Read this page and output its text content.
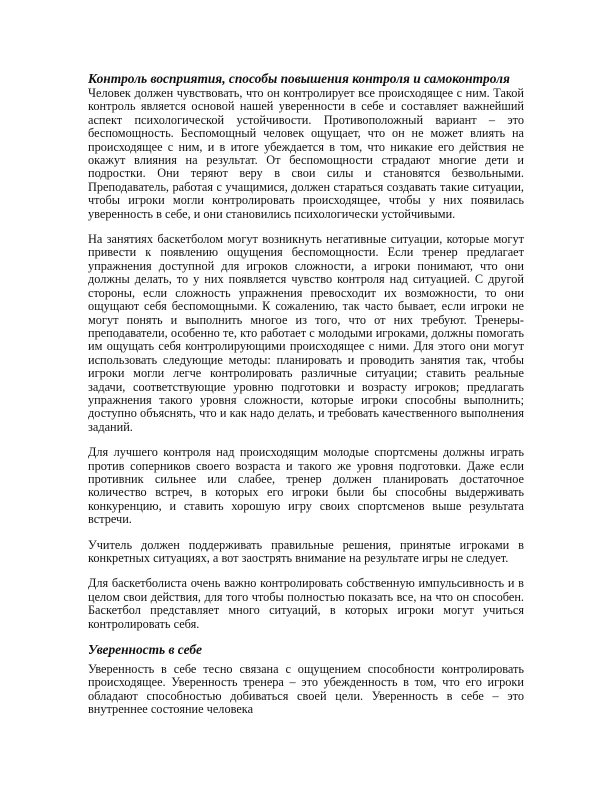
Контроль восприятия, способы повышения контроля и самоконтроля

Человек должен чувствовать, что он контролирует все происходящее с ним. Такой контроль является основой нашей уверенности в себе и составляет важнейший аспект психологической устойчивости. Противоположный вариант – это беспомощность. Беспомощный человек ощущает, что он не может влиять на происходящее с ним, и в итоге убеждается в том, что никакие его действия не окажут влияния на результат. От беспомощности страдают многие дети и подростки. Они теряют веру в свои силы и становятся безвольными. Преподаватель, работая с учащимися, должен стараться создавать такие ситуации, чтобы игроки могли контролировать происходящее, чтобы у них появилась уверенность в себе, и они становились психологически устойчивыми.

На занятиях баскетболом могут возникнуть негативные ситуации, которые могут привести к появлению ощущения беспомощности. Если тренер предлагает упражнения доступной для игроков сложности, а игроки понимают, что они должны делать, то у них появляется чувство контроля над ситуацией. С другой стороны, если сложность упражнения превосходит их возможности, то они ощущают себя беспомощными. К сожалению, так часто бывает, если игроки не могут понять и выполнить многое из того, что от них требуют. Тренеры-преподаватели, особенно те, кто работает с молодыми игроками, должны помогать им ощущать себя контролирующими происходящее с ними. Для этого они могут использовать следующие методы: планировать и проводить занятия так, чтобы игроки могли легче контролировать различные ситуации; ставить реальные задачи, соответствующие уровню подготовки и возрасту игроков; предлагать упражнения такого уровня сложности, которые игроки способны выполнить; доступно объяснять, что и как надо делать, и требовать качественного выполнения заданий.

Для лучшего контроля над происходящим молодые спортсмены должны играть против соперников своего возраста и такого же уровня подготовки. Даже если противник сильнее или слабее, тренер должен планировать достаточное количество встреч, в которых его игроки были бы способны выдерживать конкуренцию, и ставить хорошую игру своих спортсменов выше результата встречи.

Учитель должен поддерживать правильные решения, принятые игроками в конкретных ситуациях, а вот заострять внимание на результате игры не следует.

Для баскетболиста очень важно контролировать собственную импульсивность и в целом свои действия, для того чтобы полностью показать все, на что он способен. Баскетбол представляет много ситуаций, в которых игроки могут учиться контролировать себя.

Уверенность в себе

Уверенность в себе тесно связана с ощущением способности контролировать происходящее. Уверенность тренера – это убежденность в том, что его игроки обладают способностью добиваться своей цели. Уверенность в себе – это внутреннее состояние человека
